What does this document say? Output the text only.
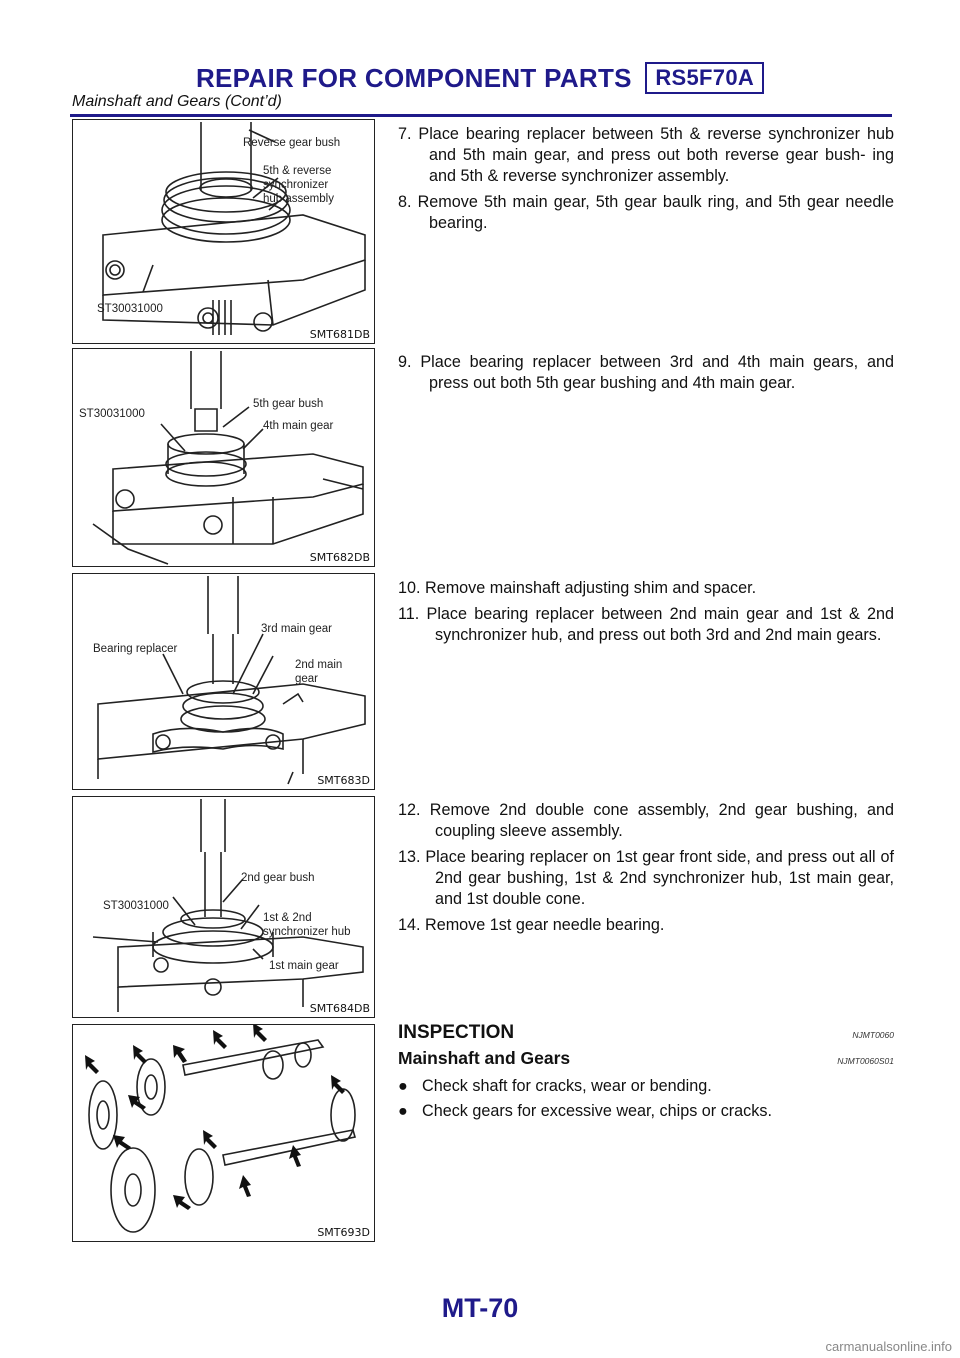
REPAIR FOR COMPONENT PARTS RS5F70A
Mainshaft and Gears (Cont’d)
Reverse gear bush
5th & reverse
synchronizer
hub assembly
ST30031000
SMT681DB
ST30031000
5th gear bush
4th main gear
SMT682DB
Bearing replacer
3rd main gear
2nd main
gear
SMT683D
ST30031000
2nd gear bush
1st & 2nd
synchronizer hub
1st main gear
SMT684DB
SMT693D

7. Place bearing replacer between 5th & reverse synchronizer hub and 5th main gear, and press out both reverse gear bush- ing and 5th & reverse synchronizer assembly.

8. Remove 5th main gear, 5th gear baulk ring, and 5th gear needle bearing.

9. Place bearing replacer between 3rd and 4th main gears, and press out both 5th gear bushing and 4th main gear.

10. Remove mainshaft adjusting shim and spacer.

11. Place bearing replacer between 2nd main gear and 1st & 2nd synchronizer hub, and press out both 3rd and 2nd main gears.

12. Remove 2nd double cone assembly, 2nd gear bushing, and coupling sleeve assembly.

13. Place bearing replacer on 1st gear front side, and press out all of 2nd gear bushing, 1st & 2nd synchronizer hub, 1st main gear, and 1st double cone.

14. Remove 1st gear needle bearing.

INSPECTION	NJMT0060
Mainshaft and Gears	NJMT0060S01
● Check shaft for cracks, wear or bending.
● Check gears for excessive wear, chips or cracks.
MT-70
carmanualsonline.info
